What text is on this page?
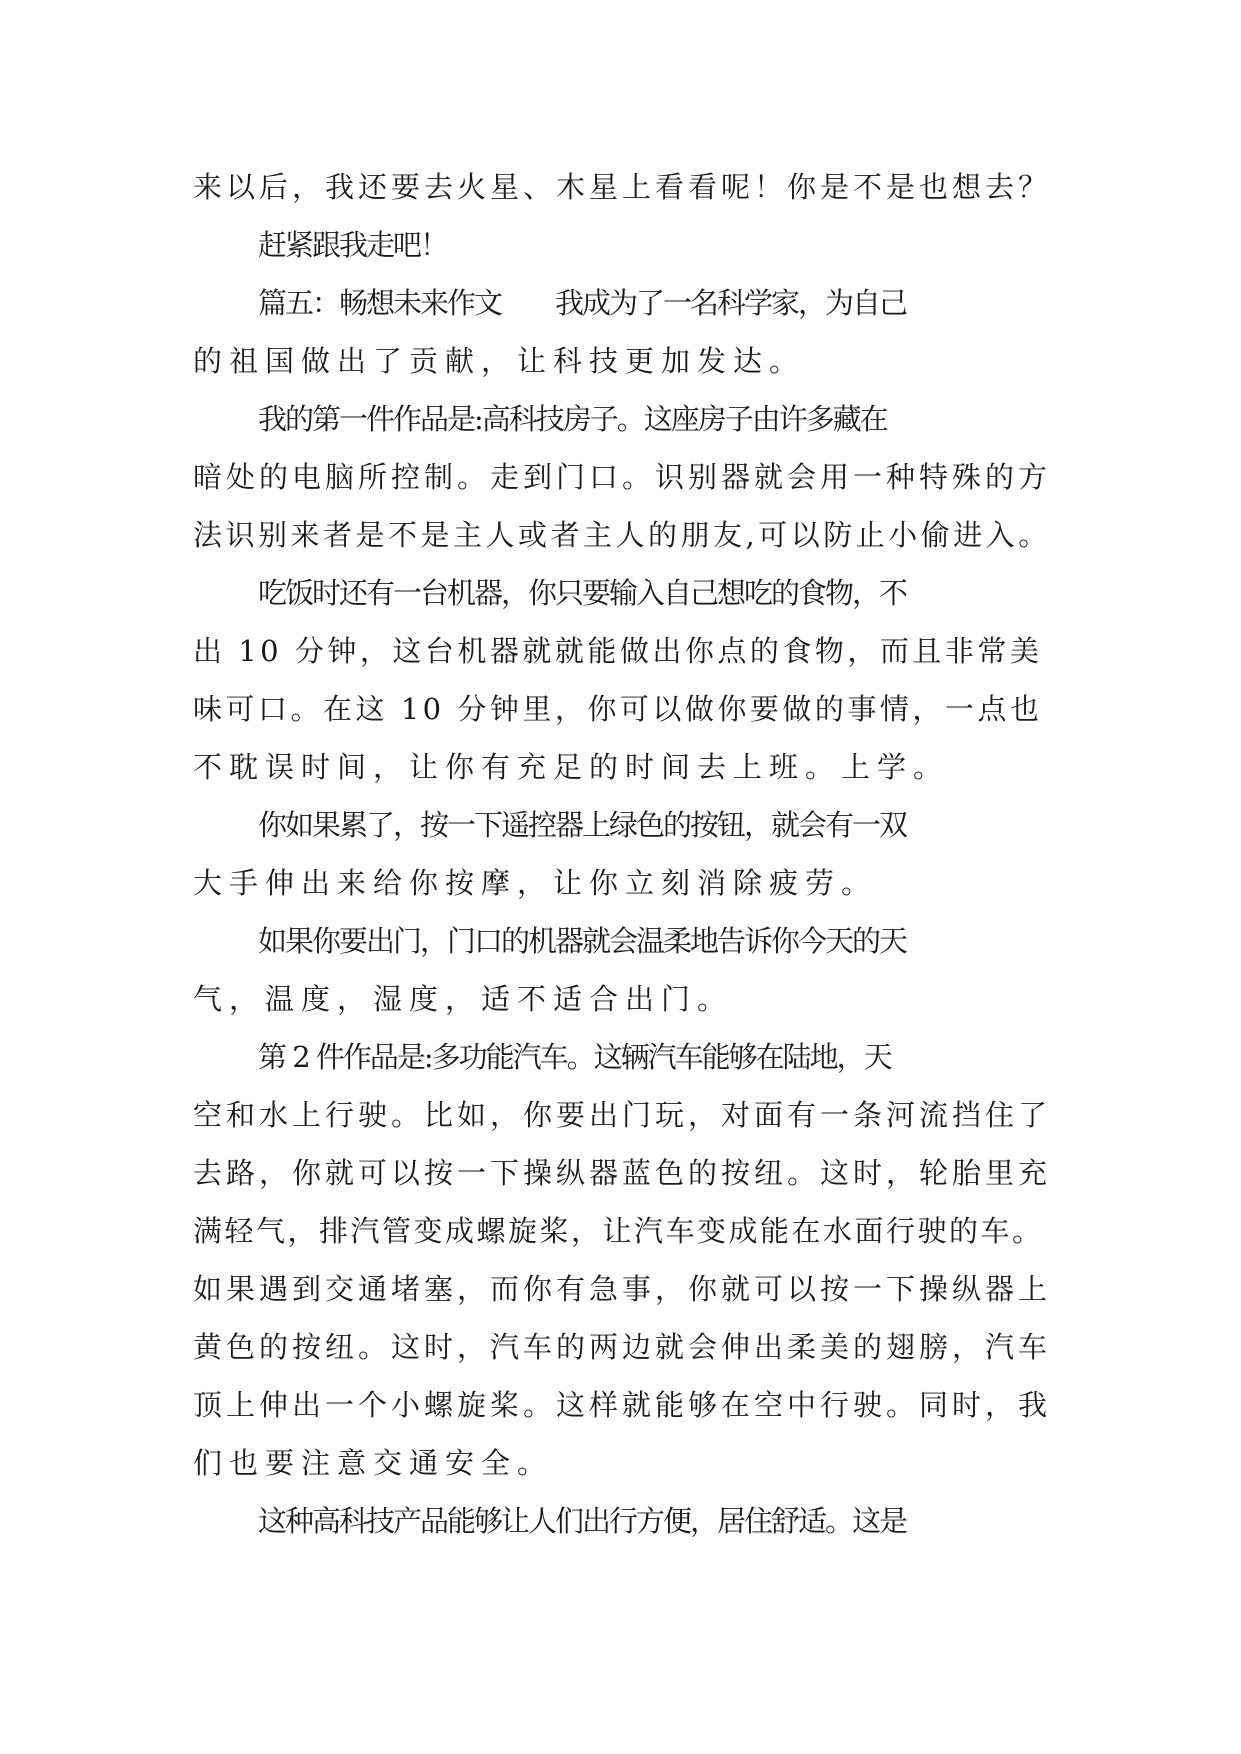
来以后，我还要去火星、木星上看看呢！你是不是也想去？
赶紧跟我走吧！
篇五：畅想未来作文　　我成为了一名科学家，为自己
的祖国做出了贡献，让科技更加发达。
我的第一件作品是:高科技房子。这座房子由许多藏在
暗处的电脑所控制。走到门口。识别器就会用一种特殊的方
法识别来者是不是主人或者主人的朋友,可以防止小偷进入。
吃饭时还有一台机器，你只要输入自己想吃的食物，不
出 10 分钟，这台机器就就能做出你点的食物，而且非常美
味可口。在这 10 分钟里，你可以做你要做的事情，一点也
不耽误时间，让你有充足的时间去上班。上学。
你如果累了，按一下遥控器上绿色的按钮，就会有一双
大手伸出来给你按摩，让你立刻消除疲劳。
如果你要出门，门口的机器就会温柔地告诉你今天的天
气，温度，湿度，适不适合出门。
第 2 件作品是:多功能汽车。这辆汽车能够在陆地，天
空和水上行驶。比如，你要出门玩，对面有一条河流挡住了
去路，你就可以按一下操纵器蓝色的按纽。这时，轮胎里充
满轻气，排汽管变成螺旋桨，让汽车变成能在水面行驶的车。
如果遇到交通堵塞，而你有急事，你就可以按一下操纵器上
黄色的按纽。这时，汽车的两边就会伸出柔美的翅膀，汽车
顶上伸出一个小螺旋桨。这样就能够在空中行驶。同时，我
们也要注意交通安全。
这种高科技产品能够让人们出行方便，居住舒适。这是
